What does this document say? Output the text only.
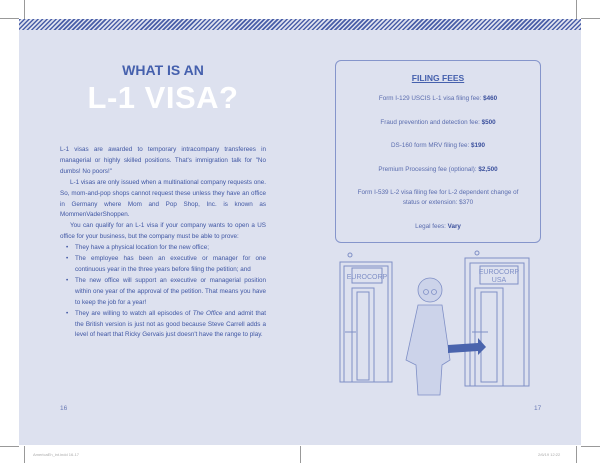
WHAT IS AN
L-1 VISA?

L-1 visas are awarded to temporary intracompany transferees in managerial or highly skilled positions. That's immigration talk for "No dumbs! No poors!"

L-1 visas are only issued when a multinational company requests one. So, mom-and-pop shops cannot request these unless they have an office in Germany where Mom and Pop Shop, Inc. is known as MommenVaderShoppen.

You can qualify for an L-1 visa if your company wants to open a US office for your business, but the company must be able to prove:

• They have a physical location for the new office;
• The employee has been an executive or manager for one continuous year in the three years before filing the petition; and
• The new office will support an executive or managerial position within one year of the approval of the petition. That means you have to keep the job for a year!
• They are willing to watch all episodes of The Office and admit that the British version is just not as good because Steve Carrell adds a level of heart that Ricky Gervais just doesn't have the range to play.
16
FILING FEES
Form I-129 USCIS L-1 visa filing fee: $460
Fraud prevention and detection fee: $500
DS-160 form MRV filing fee: $190
Premium Processing fee (optional): $2,500
Form I-539 L-2 visa filing fee for L-2 dependent change of status or extension: $370
Legal fees: Vary
EUROCORP
EUROCORP
USA
17
AmericaEh_int.indd 16-17	2/6/19 12:22
